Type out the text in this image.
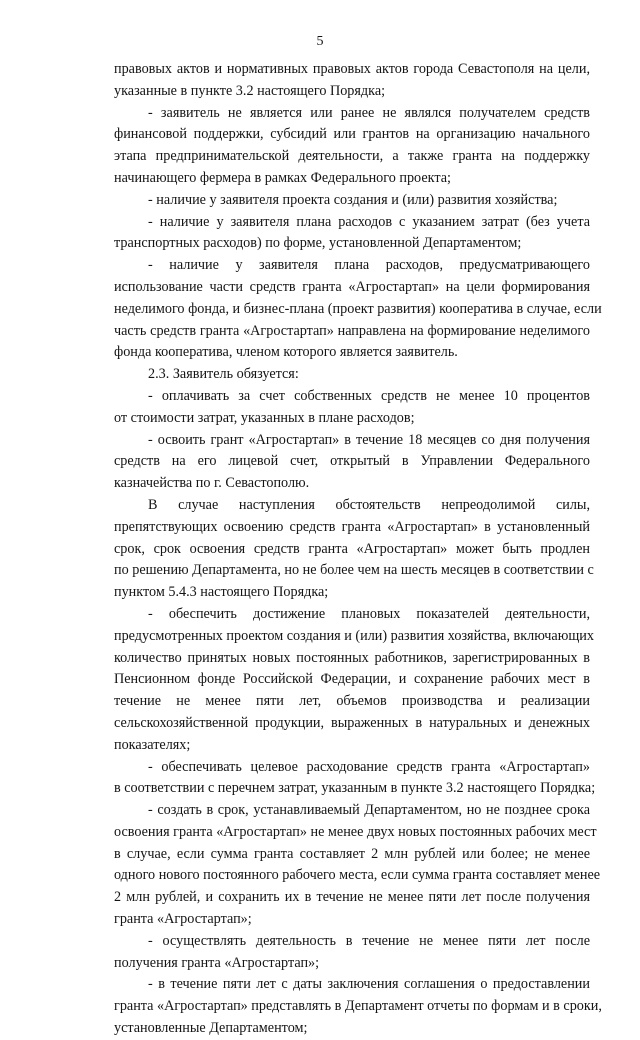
5
правовых актов и нормативных правовых актов города Севастополя на цели,
указанные в пункте 3.2 настоящего Порядка;
- заявитель не является или ранее не являлся получателем средств
финансовой поддержки, субсидий или грантов на организацию начального
этапа предпринимательской деятельности, а также гранта на поддержку
начинающего фермера в рамках Федерального проекта;
- наличие у заявителя проекта создания и (или) развития хозяйства;
- наличие у заявителя плана расходов с указанием затрат (без учета
транспортных расходов) по форме, установленной Департаментом;
- наличие у заявителя плана расходов, предусматривающего
использование части средств гранта «Агростартап» на цели формирования
неделимого фонда, и бизнес-плана (проект развития) кооператива в случае, если
часть средств гранта «Агростартап» направлена на формирование неделимого
фонда кооператива, членом которого является заявитель.
2.3. Заявитель обязуется:
- оплачивать за счет собственных средств не менее 10 процентов
от стоимости затрат, указанных в плане расходов;
- освоить грант «Агростартап» в течение 18 месяцев со дня получения
средств на его лицевой счет, открытый в Управлении Федерального
казначейства по г. Севастополю.
В случае наступления обстоятельств непреодолимой силы,
препятствующих освоению средств гранта «Агростартап» в установленный
срок, срок освоения средств гранта «Агростартап» может быть продлен
по решению Департамента, но не более чем на шесть месяцев в соответствии с
пунктом 5.4.3 настоящего Порядка;
- обеспечить достижение плановых показателей деятельности,
предусмотренных проектом создания и (или) развития хозяйства, включающих
количество принятых новых постоянных работников, зарегистрированных в
Пенсионном фонде Российской Федерации, и сохранение рабочих мест в
течение не менее пяти лет, объемов производства и реализации
сельскохозяйственной продукции, выраженных в натуральных и денежных
показателях;
- обеспечивать целевое расходование средств гранта «Агростартап»
в соответствии с перечнем затрат, указанным в пункте 3.2 настоящего Порядка;
- создать в срок, устанавливаемый Департаментом, но не позднее срока
освоения гранта «Агростартап» не менее двух новых постоянных рабочих мест
в случае, если сумма гранта составляет 2 млн рублей или более; не менее
одного нового постоянного рабочего места, если сумма гранта составляет менее
2 млн рублей, и сохранить их в течение не менее пяти лет после получения
гранта «Агростартап»;
- осуществлять деятельность в течение не менее пяти лет после
получения гранта «Агростартап»;
- в течение пяти лет с даты заключения соглашения о предоставлении
гранта «Агростартап» представлять в Департамент отчеты по формам и в сроки,
установленные Департаментом;
